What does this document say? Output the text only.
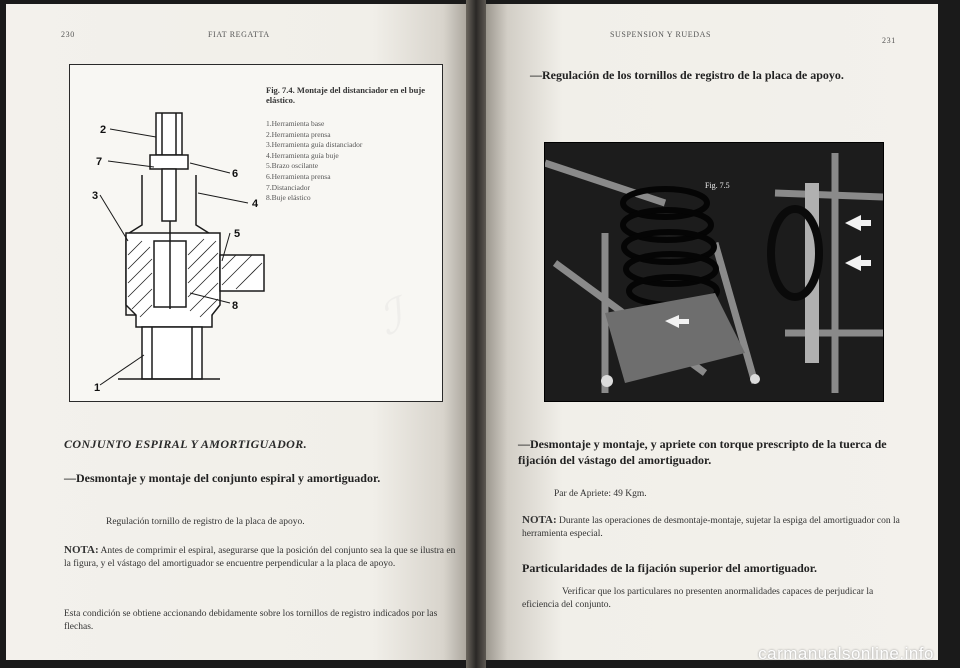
230	FIAT REGATTA

1
2
3
4
5
6
7
8

Fig. 7.4. Montaje del distanciador en el buje elástico.

1.Herramienta base
2.Herramienta prensa
3.Herramienta guía distanciador
4.Herramienta guía buje
5.Brazo oscilante
6.Herramienta prensa
7.Distanciador
8.Buje elástico

CONJUNTO ESPIRAL Y AMORTIGUADOR.

—Desmontaje y montaje del conjunto espiral y amortiguador.

Regulación tornillo de registro de la placa de apoyo.

NOTA: Antes de comprimir el espiral, asegurarse que la posición del conjunto sea la que se ilustra en la figura, y el vástago del amortiguador se encuentre perpendicular a la placa de apoyo.

Esta condición se obtiene accionando debidamente sobre los tornillos de registro indicados por las flechas.

SUSPENSION Y RUEDAS

231

—Regulación de los tornillos de registro de la placa de apoyo.

Fig. 7.5

—Desmontaje y montaje, y apriete con torque prescripto de la tuerca de fijación del vástago del amortiguador.

Par de Apriete: 49 Kgm.

NOTA: Durante las operaciones de desmontaje-montaje, sujetar la espiga del amortiguador con la herramienta especial.

Particularidades de la fijación superior del amortiguador.

Verificar que los particulares no presenten anormalidades capaces de perjudicar la eficiencia del conjunto.

ℐ

carmanualsonline.info
